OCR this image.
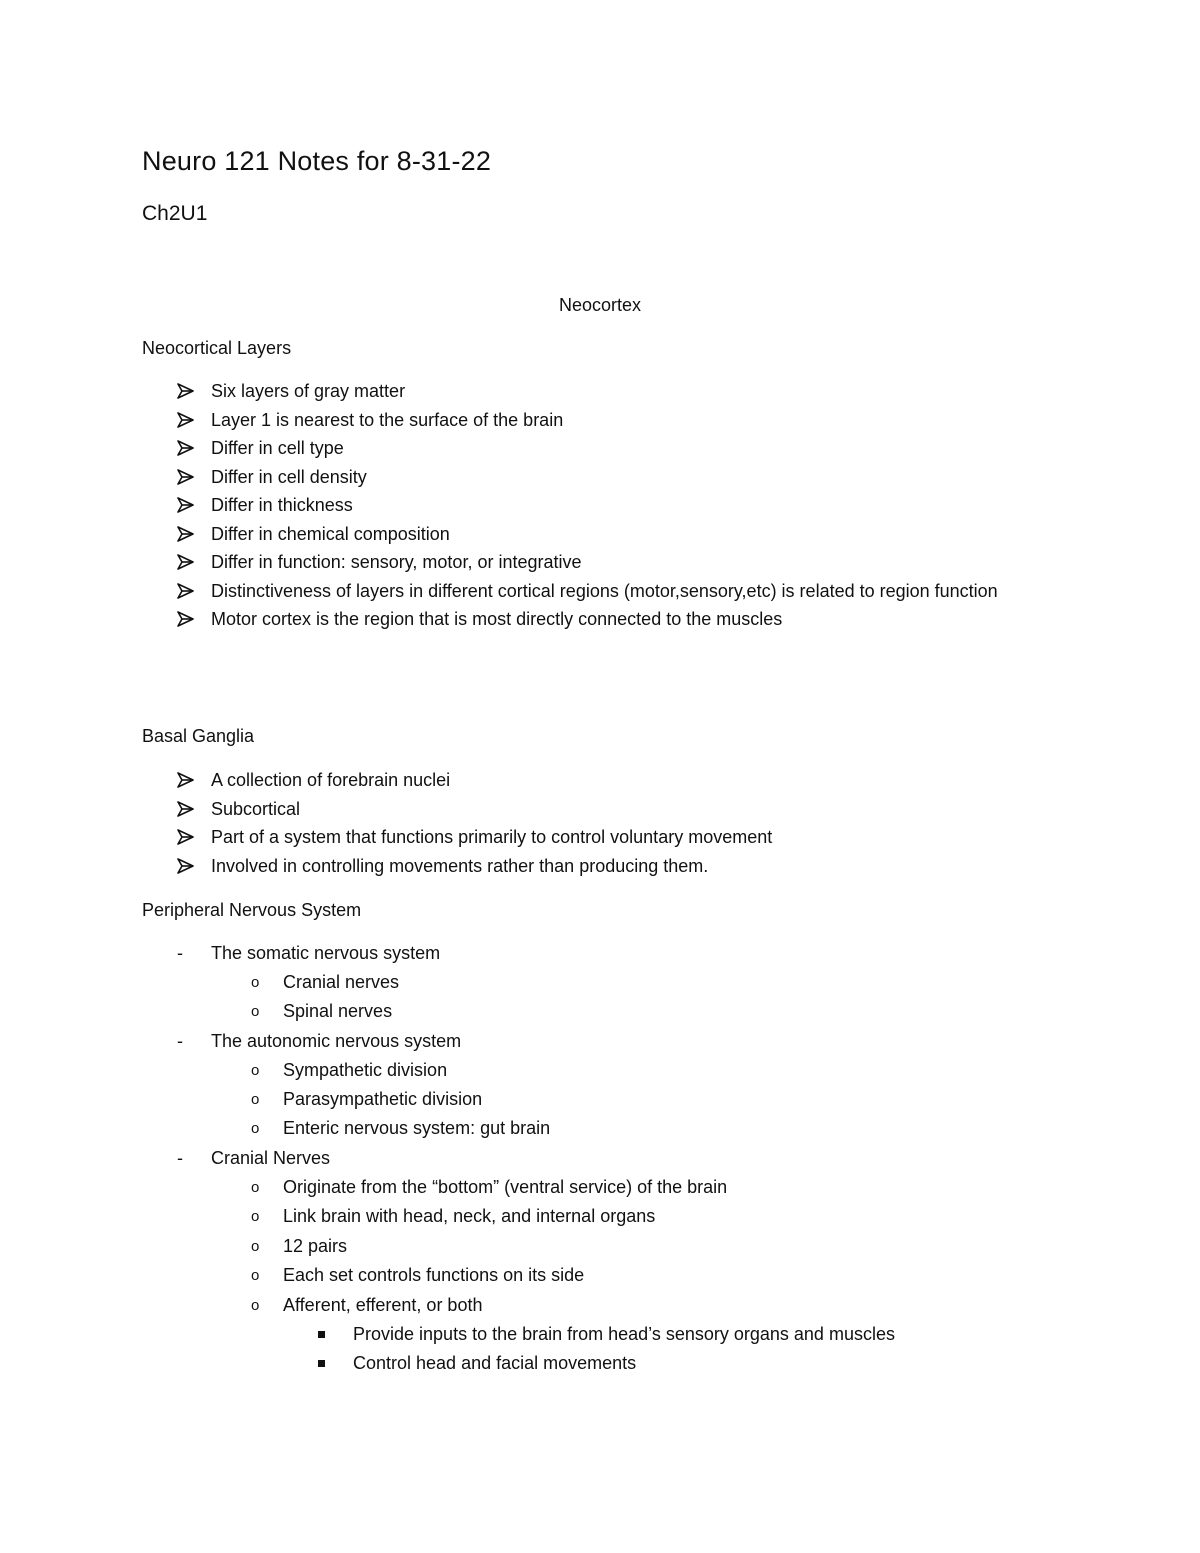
Neuro 121 Notes for 8-31-22
Ch2U1
Neocortex
Neocortical Layers
Six layers of gray matter
Layer 1 is nearest to the surface of the brain
Differ in cell type
Differ in cell density
Differ in thickness
Differ in chemical composition
Differ in function: sensory, motor, or integrative
Distinctiveness of layers in different cortical regions (motor,sensory,etc) is related to region function
Motor cortex is the region that is most directly connected to the muscles
Basal Ganglia
A collection of forebrain nuclei
Subcortical
Part of a system that functions primarily to control voluntary movement
Involved in controlling movements rather than producing them.
Peripheral Nervous System
- The somatic nervous system
o Cranial nerves
o Spinal nerves
- The autonomic nervous system
o Sympathetic division
o Parasympathetic division
o Enteric nervous system: gut brain
- Cranial Nerves
o Originate from the “bottom” (ventral service) of the brain
o Link brain with head, neck, and internal organs
o 12 pairs
o Each set controls functions on its side
o Afferent, efferent, or both
Provide inputs to the brain from head’s sensory organs and muscles
Control head and facial movements
